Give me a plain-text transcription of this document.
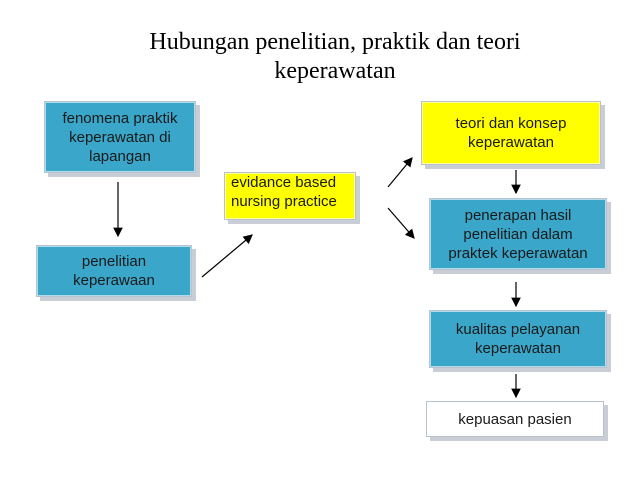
Hubungan penelitian, praktik dan teori
keperawatan
fenomena praktik
keperawatan di
lapangan
penelitian
keperawaan
evidance based
nursing practice
teori dan konsep
keperawatan
penerapan hasil
penelitian dalam
praktek keperawatan
kualitas pelayanan
keperawatan
kepuasan pasien
